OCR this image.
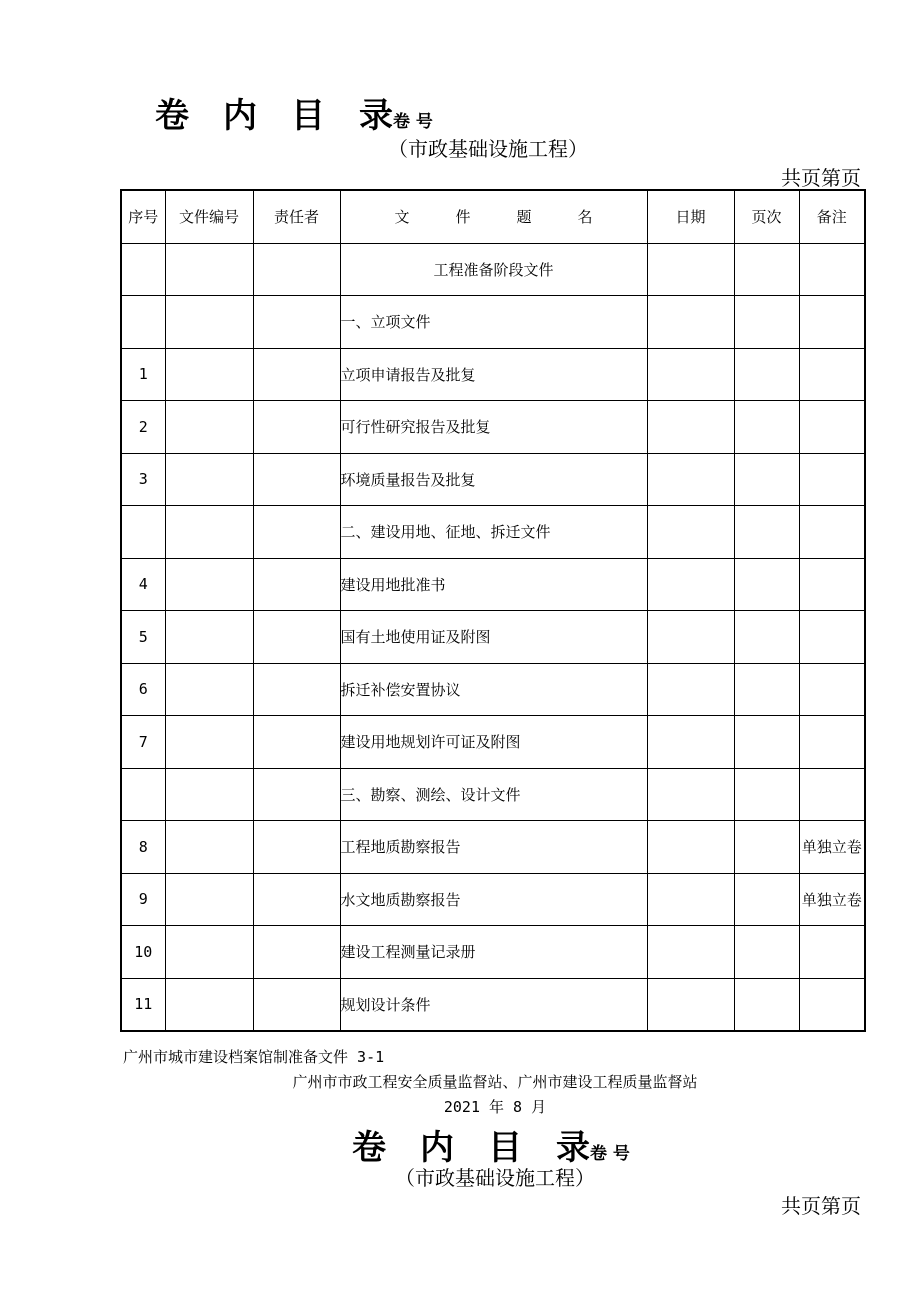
卷 内 目 录卷 号
（市政基础设施工程）
共页第页
序号	文件编号	责任者	文 件 题 名	日期	页次	备注
			工程准备阶段文件			
			一、立项文件			
1			立项申请报告及批复			
2			可行性研究报告及批复			
3			环境质量报告及批复			
			二、建设用地、征地、拆迁文件			
4			建设用地批准书			
5			国有土地使用证及附图			
6			拆迁补偿安置协议			
7			建设用地规划许可证及附图			
			三、勘察、测绘、设计文件			
8			工程地质勘察报告			单独立卷
9			水文地质勘察报告			单独立卷
10			建设工程测量记录册			
11			规划设计条件			
广州市城市建设档案馆制准备文件 3-1
广州市市政工程安全质量监督站、广州市建设工程质量监督站
2021 年 8 月
卷 内 目 录卷 号
（市政基础设施工程）
共页第页
